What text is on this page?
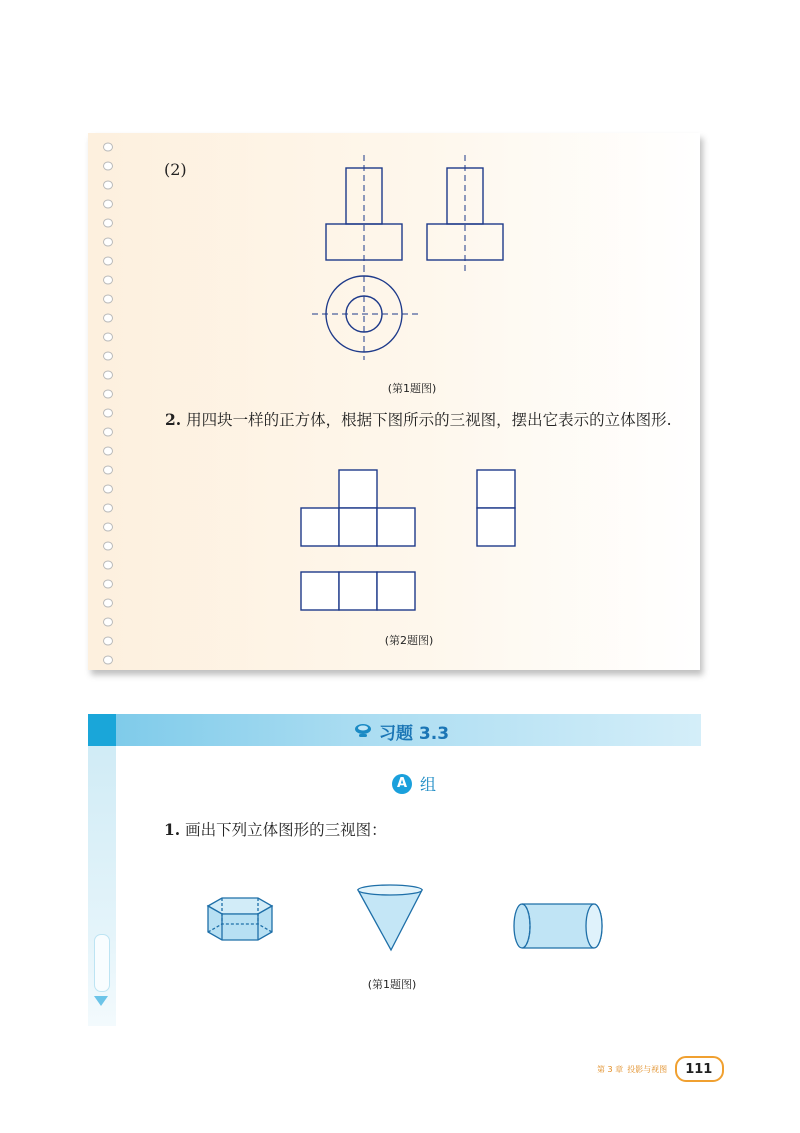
(2)
(第1题图)
2. 用四块一样的正方体，根据下图所示的三视图，摆出它表示的立体图形.
(第2题图)
习题 3.3
A 组
1. 画出下列立体图形的三视图：
(第1题图)
第 3 章 投影与视图	111
